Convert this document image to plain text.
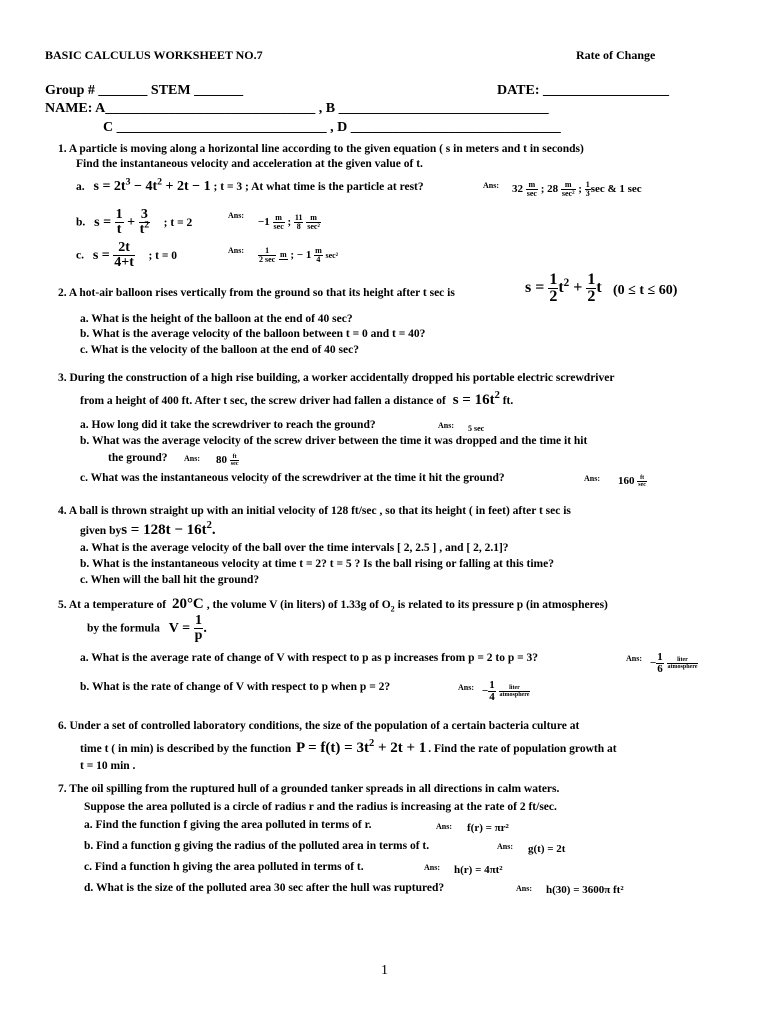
BASIC CALCULUS WORKSHEET NO.7	Rate of Change
Group # _______ STEM _______	DATE: __________________
NAME: A______________________________ , B ______________________________
C ______________________________ , D ______________________________
1. A particle is moving along a horizontal line according to the given equation ( s in meters and t in seconds)
Find the instantaneous velocity and acceleration at the given value of t.
a. $s = 2t^3 - 4t^2 + 2t - 1$ ; t = 3 ; At what time is the particle at rest?	Ans: $32 \frac{m}{\sec}$ ; $28 \frac{m}{\text{sec²}}$ ; $\frac{1}{3}$ sec & 1 sec
b. $s = \frac{1}{t} + \frac{3}{t^2}$ ; t = 2
Ans:
$-1 \frac{m}{\sec}$ ; $\frac{11}{8}$
$\frac{m}{\text{sec²}}$
c. $s = \frac{2t}{4+t}$ ; t = 0	Ans: $\frac{1}{2 \sec}$
m ; − $1 \frac{m}{4} \sec^2$
2. A hot-air balloon rises vertically from the ground so that its height after t sec is	$s = \frac{1}{2} t^2 + \frac{1}{2}$ t (0 ≤ t ≤ 60)
a. What is the height of the balloon at the end of 40 sec?
b. What is the average velocity of the balloon between t = 0 and t = 40?
c. What is the velocity of the balloon at the end of 40 sec?
3. During the construction of a high rise building, a worker accidentally dropped his portable electric screwdriver
from a height of 400 ft. After t sec, the screw driver had fallen a distance of $s = 16t^2$ ft.
a. How long did it take the screwdriver to reach the ground?	Ans: 5 sec
b. What was the average velocity of the screw driver between the time it was dropped and the time it hit
the ground? Ans: $80 \frac{ft}{\sec}$
c. What was the instantaneous velocity of the screwdriver at the time it hit the ground?	Ans: $160 \frac{ft}{\sec}$
4. A ball is thrown straight up with an initial velocity of 128 ft/sec , so that its height ( in feet) after t sec is
given bys = $128t - 16t^2$.
a. What is the average velocity of the ball over the time intervals [ 2, 2.5 ] , and [ 2, 2.1]?
b. What is the instantaneous velocity at time t = 2? t = 5 ? Is the ball rising or falling at this time?
c. When will the ball hit the ground?
5. At a temperature of 20°C , the volume V (in liters) of 1.33g of $O_2$ is related to its pressure p (in atmospheres)
by the formula $V = \frac{1}{p}$ .
a. What is the average rate of change of V with respect to p as p increases from p = 2 to p = 3?	Ans: − $\frac{1}{6}$
$\frac{\text{liter}}{\text{atmosphere}}$
b. What is the rate of change of V with respect to p when p = 2?	Ans: − $\frac{1}{4}$
$\frac{\text{liter}}{\text{atmosphere}}$
6. Under a set of controlled laboratory conditions, the size of the population of a certain bacteria culture at
time t ( in min) is described by the function $P = f(t) = 3t^2 + 2t + 1$ . Find the rate of population growth at
t = 10 min .
7. The oil spilling from the ruptured hull of a grounded tanker spreads in all directions in calm waters.
Suppose the area polluted is a circle of radius r and the radius is increasing at the rate of 2 ft/sec.
a. Find the function f giving the area polluted in terms of r.	Ans: f(r) = πr²
b. Find a function g giving the radius of the polluted area in terms of t.	Ans: g(t) = 2t
c. Find a function h giving the area polluted in terms of t.	Ans: h(r) = 4πt²
d. What is the size of the polluted area 30 sec after the hull was ruptured?	Ans: h(30) = 3600π ft²
1
